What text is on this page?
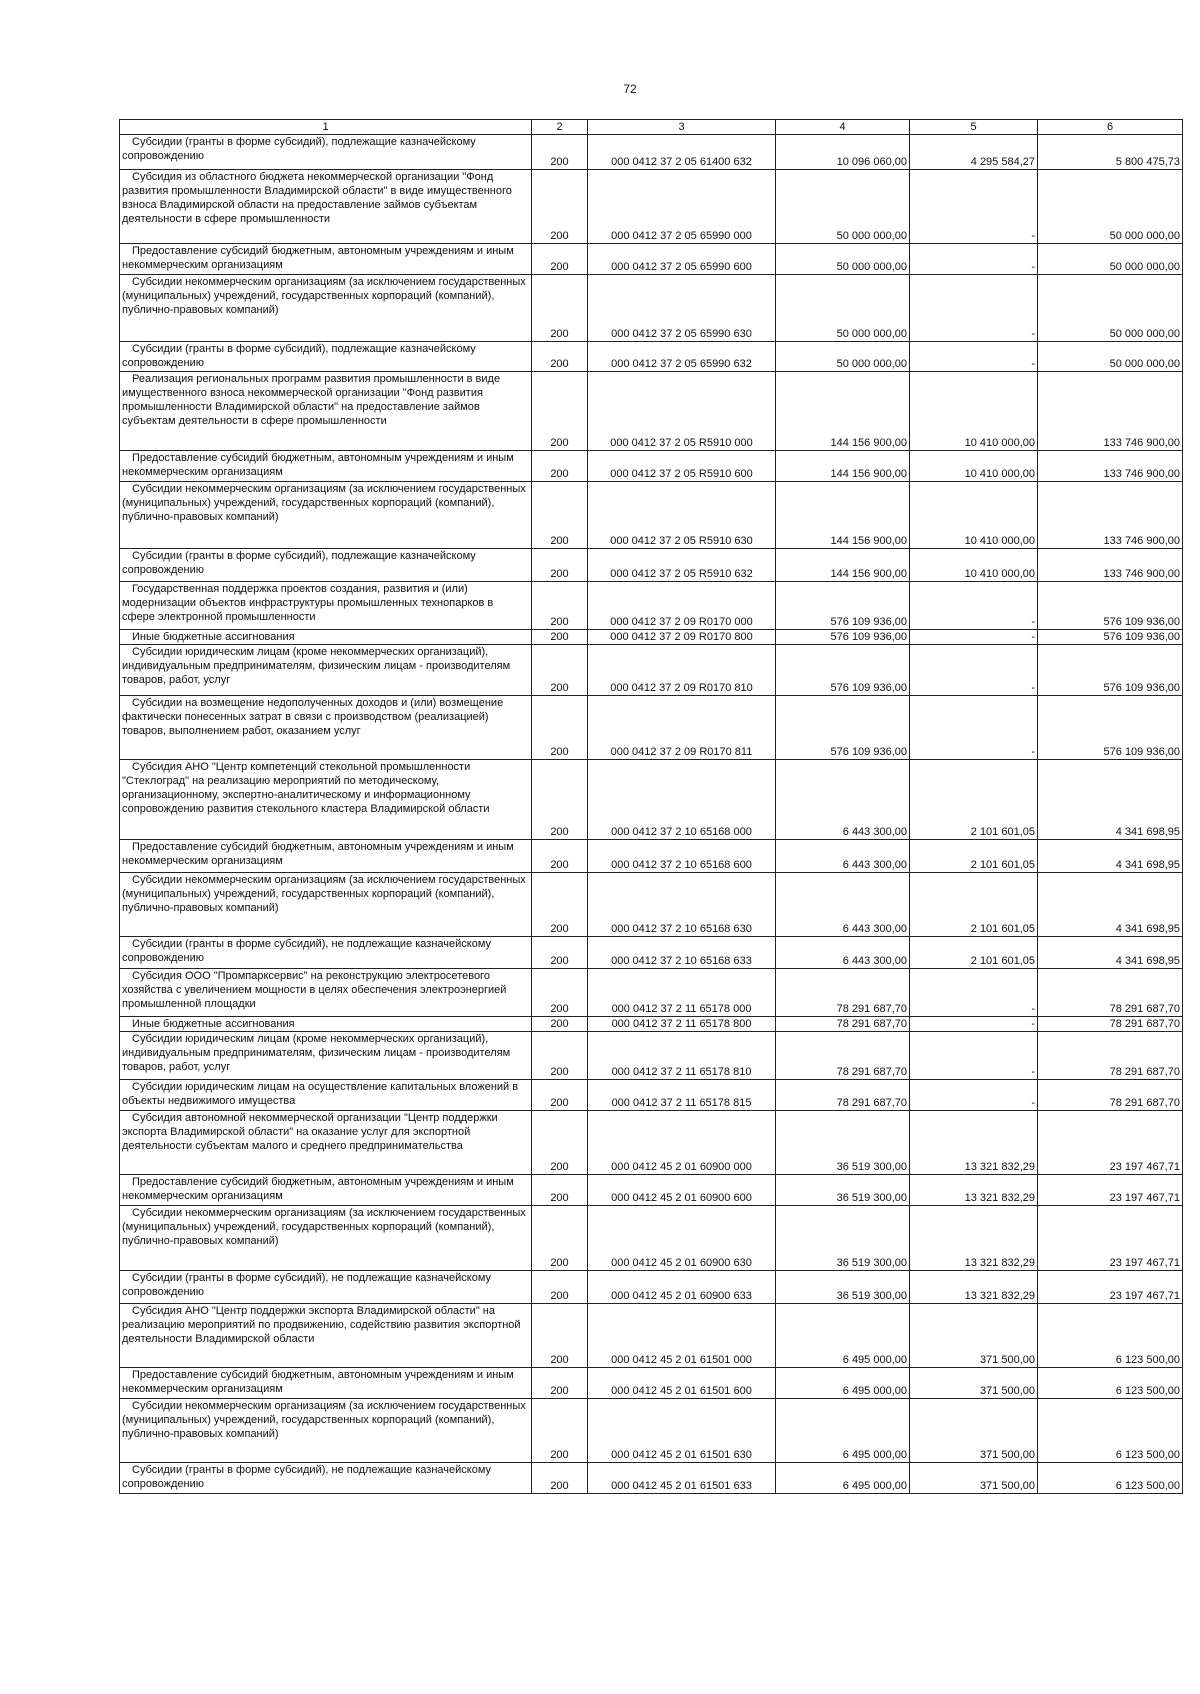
72
1	2	3	4	5	6

Субсидии (гранты в форме субсидий), подлежащие казначейскому сопровождению	200	000 0412 37 2 05 61400 632	10 096 060,00	4 295 584,27	5 800 475,73

Субсидия из областного бюджета некоммерческой организации "Фонд развития промышленности Владимирской области" в виде имущественного взноса Владимирской области на предоставление займов субъектам деятельности в сфере промышленности	200	000 0412 37 2 05 65990 000	50 000 000,00	-	50 000 000,00

Предоставление субсидий бюджетным, автономным учреждениям и иным некоммерческим организациям	200	000 0412 37 2 05 65990 600	50 000 000,00	-	50 000 000,00

Субсидии некоммерческим организациям (за исключением государственных (муниципальных) учреждений, государственных корпораций (компаний), публично-правовых компаний)	200	000 0412 37 2 05 65990 630	50 000 000,00	-	50 000 000,00

Субсидии (гранты в форме субсидий), подлежащие казначейскому сопровождению	200	000 0412 37 2 05 65990 632	50 000 000,00	-	50 000 000,00

Реализация региональных программ развития промышленности в виде имущественного взноса некоммерческой организации "Фонд развития промышленности Владимирской области" на предоставление займов субъектам деятельности в сфере промышленности	200	000 0412 37 2 05 R5910 000	144 156 900,00	10 410 000,00	133 746 900,00

Предоставление субсидий бюджетным, автономным учреждениям и иным некоммерческим организациям	200	000 0412 37 2 05 R5910 600	144 156 900,00	10 410 000,00	133 746 900,00

Субсидии некоммерческим организациям (за исключением государственных (муниципальных) учреждений, государственных корпораций (компаний), публично-правовых компаний)	200	000 0412 37 2 05 R5910 630	144 156 900,00	10 410 000,00	133 746 900,00

Субсидии (гранты в форме субсидий), подлежащие казначейскому сопровождению	200	000 0412 37 2 05 R5910 632	144 156 900,00	10 410 000,00	133 746 900,00

Государственная поддержка проектов создания, развития и (или) модернизации объектов инфраструктуры промышленных технопарков в сфере электронной промышленности	200	000 0412 37 2 09 R0170 000	576 109 936,00	-	576 109 936,00

Иные бюджетные ассигнования	200	000 0412 37 2 09 R0170 800	576 109 936,00	-	576 109 936,00

Субсидии юридическим лицам (кроме некоммерческих организаций), индивидуальным предпринимателям, физическим лицам - производителям товаров, работ, услуг	200	000 0412 37 2 09 R0170 810	576 109 936,00	-	576 109 936,00

Субсидии на возмещение недополученных доходов и (или) возмещение фактически понесенных затрат в связи с производством (реализацией) товаров, выполнением работ, оказанием услуг	200	000 0412 37 2 09 R0170 811	576 109 936,00	-	576 109 936,00

Субсидия АНО "Центр компетенций стекольной промышленности "Стеклоград" на реализацию мероприятий по методическому, организационному, экспертно-аналитическому и информационному сопровождению развития стекольного кластера Владимирской области	200	000 0412 37 2 10 65168 000	6 443 300,00	2 101 601,05	4 341 698,95

Предоставление субсидий бюджетным, автономным учреждениям и иным некоммерческим организациям	200	000 0412 37 2 10 65168 600	6 443 300,00	2 101 601,05	4 341 698,95

Субсидии некоммерческим организациям (за исключением государственных (муниципальных) учреждений, государственных корпораций (компаний), публично-правовых компаний)	200	000 0412 37 2 10 65168 630	6 443 300,00	2 101 601,05	4 341 698,95

Субсидии (гранты в форме субсидий), не подлежащие казначейскому сопровождению	200	000 0412 37 2 10 65168 633	6 443 300,00	2 101 601,05	4 341 698,95

Субсидия ООО "Промпарксервис" на реконструкцию электросетевого хозяйства с увеличением мощности в целях обеспечения электроэнергией промышленной площадки	200	000 0412 37 2 11 65178 000	78 291 687,70	-	78 291 687,70

Иные бюджетные ассигнования	200	000 0412 37 2 11 65178 800	78 291 687,70	-	78 291 687,70

Субсидии юридическим лицам (кроме некоммерческих организаций), индивидуальным предпринимателям, физическим лицам - производителям товаров, работ, услуг	200	000 0412 37 2 11 65178 810	78 291 687,70	-	78 291 687,70

Субсидии юридическим лицам на осуществление капитальных вложений в объекты недвижимого имущества	200	000 0412 37 2 11 65178 815	78 291 687,70	-	78 291 687,70

Субсидия автономной некоммерческой организации "Центр поддержки экспорта Владимирской области" на оказание услуг для экспортной деятельности субъектам малого и среднего предпринимательства	200	000 0412 45 2 01 60900 000	36 519 300,00	13 321 832,29	23 197 467,71

Предоставление субсидий бюджетным, автономным учреждениям и иным некоммерческим организациям	200	000 0412 45 2 01 60900 600	36 519 300,00	13 321 832,29	23 197 467,71

Субсидии некоммерческим организациям (за исключением государственных (муниципальных) учреждений, государственных корпораций (компаний), публично-правовых компаний)	200	000 0412 45 2 01 60900 630	36 519 300,00	13 321 832,29	23 197 467,71

Субсидии (гранты в форме субсидий), не подлежащие казначейскому сопровождению	200	000 0412 45 2 01 60900 633	36 519 300,00	13 321 832,29	23 197 467,71

Субсидия АНО "Центр поддержки экспорта Владимирской области" на реализацию мероприятий по продвижению, содействию развития экспортной деятельности Владимирской области	200	000 0412 45 2 01 61501 000	6 495 000,00	371 500,00	6 123 500,00

Предоставление субсидий бюджетным, автономным учреждениям и иным некоммерческим организациям	200	000 0412 45 2 01 61501 600	6 495 000,00	371 500,00	6 123 500,00

Субсидии некоммерческим организациям (за исключением государственных (муниципальных) учреждений, государственных корпораций (компаний), публично-правовых компаний)	200	000 0412 45 2 01 61501 630	6 495 000,00	371 500,00	6 123 500,00

Субсидии (гранты в форме субсидий), не подлежащие казначейскому сопровождению	200	000 0412 45 2 01 61501 633	6 495 000,00	371 500,00	6 123 500,00
